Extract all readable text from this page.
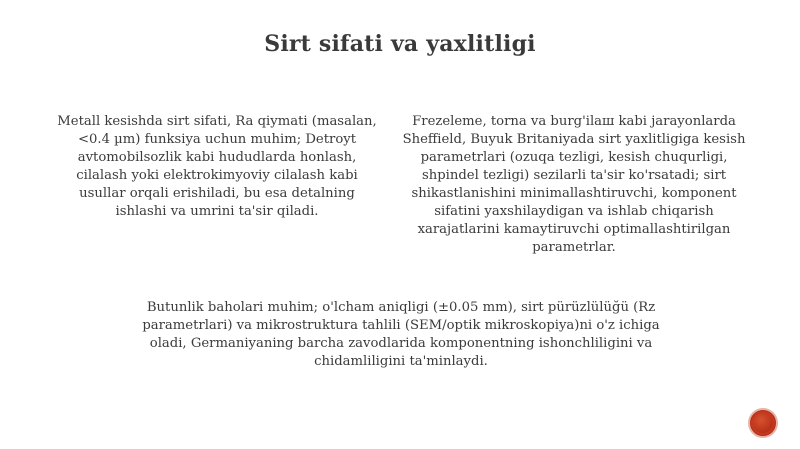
Sirt sifati va yaxlitligi

Metall kesishda sirt sifati, Ra qiymati (masalan, <0.4 µm) funksiya uchun muhim; Detroyt avtomobilsozlik kabi hududlarda honlash, cilalash yoki elektrokimyoviy cilalash kabi usullar orqali erishiladi, bu esa detalning ishlashi va umrini ta'sir qiladi.

Frezeleme, torna va burg'ilaш kabi jarayonlarda Sheffield, Buyuk Britaniyada sirt yaxlitligiga kesish parametrlari (ozuqa tezligi, kesish chuqurligi, shpindel tezligi) sezilarli ta'sir ko'rsatadi; sirt shikastlanishini minimallashtiruvchi, komponent sifatini yaxshilaydigan va ishlab chiqarish xarajatlarini kamaytiruvchi optimallashtirilgan parametrlar.

Butunlik baholari muhim; o'lcham aniqligi (±0.05 mm), sirt pürüzlülüğü (Rz parametrlari) va mikrostruktura tahlili (SEM/optik mikroskopiya)ni o'z ichiga oladi, Germaniyaning barcha zavodlarida komponentning ishonchliligini va chidamliligini ta'minlaydi.
